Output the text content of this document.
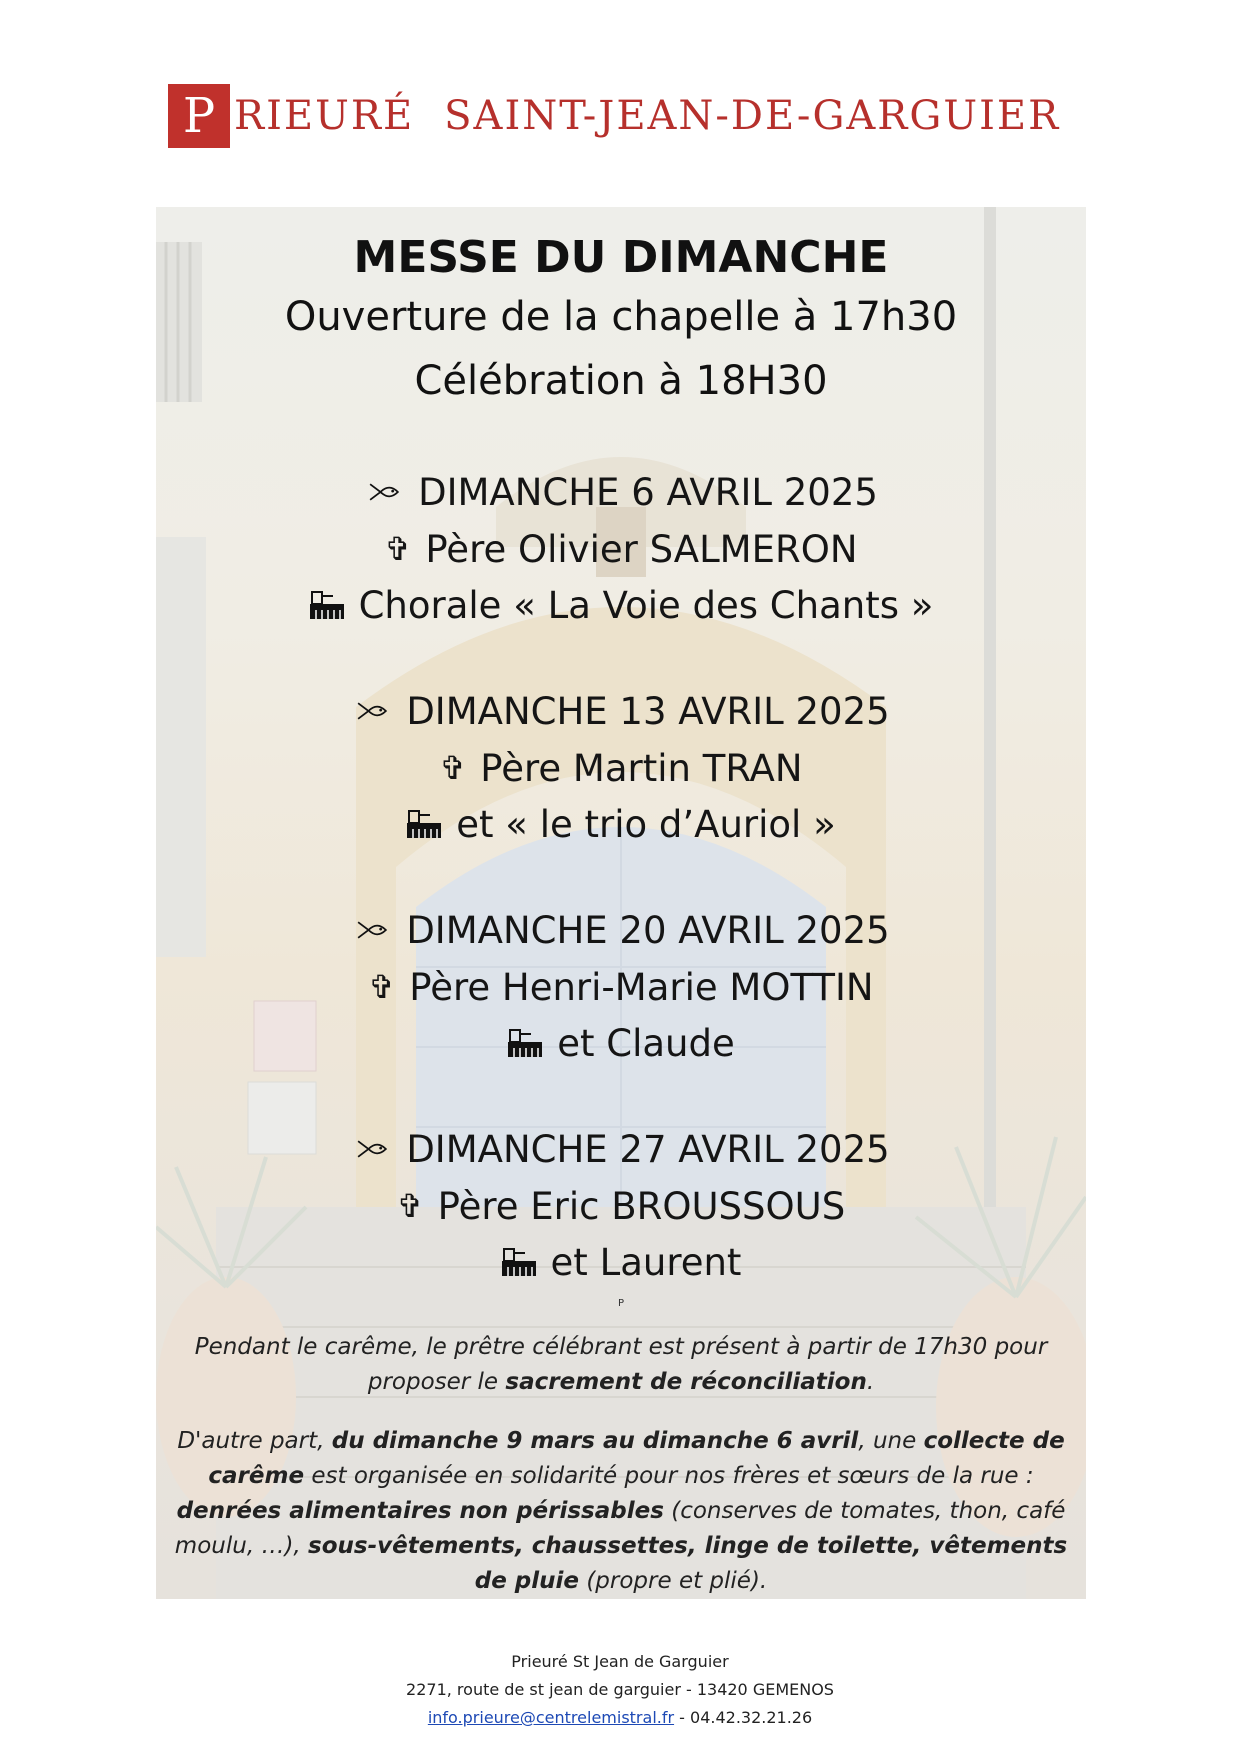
P RIEURÉ SAINT-JEAN-DE-GARGUIER
MESSE DU DIMANCHE

Ouverture de la chapelle à 17h30

Célébration à 18H30

DIMANCHE 6 AVRIL 2025
✞ Père Olivier SALMERON
Chorale « La Voie des Chants »
DIMANCHE 13 AVRIL 2025
✞ Père Martin TRAN
et « le trio d’Auriol »
DIMANCHE 20 AVRIL 2025
✞ Père Henri-Marie MOTTIN
et Claude
DIMANCHE 27 AVRIL 2025
✞ Père Eric BROUSSOUS
et Laurent
P

Pendant le carême, le prêtre célébrant est présent à partir de 17h30 pour proposer le sacrement de réconciliation.

D'autre part, du dimanche 9 mars au dimanche 6 avril, une collecte de carême est organisée en solidarité pour nos frères et sœurs de la rue : denrées alimentaires non périssables (conserves de tomates, thon, café moulu, …), sous-vêtements, chaussettes, linge de toilette, vêtements de pluie (propre et plié).

Prieuré St Jean de Garguier
2271, route de st jean de garguier - 13420 GEMENOS
info.prieure@centrelemistral.fr - 04.42.32.21.26
